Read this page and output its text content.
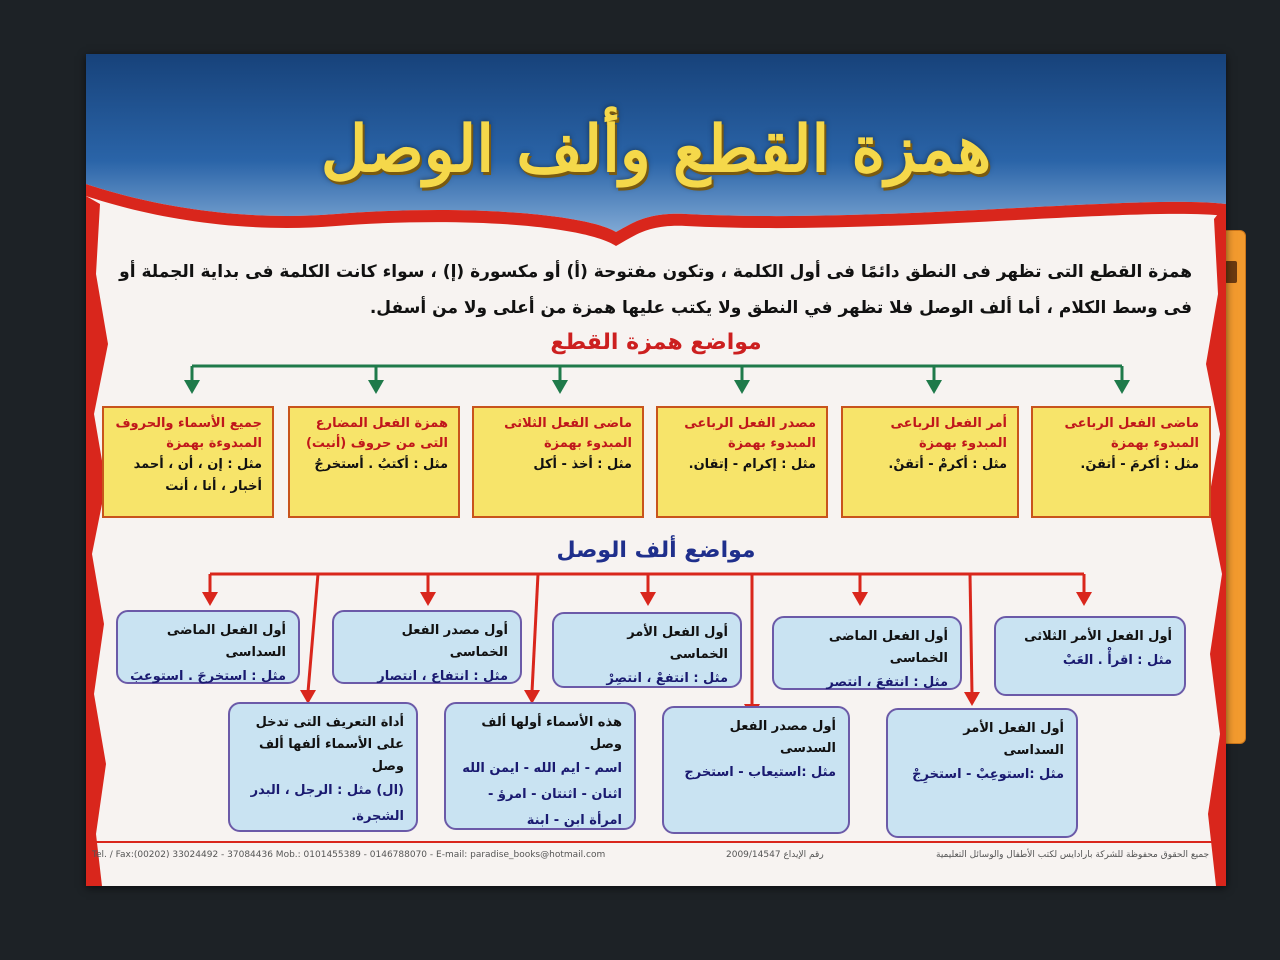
همزة القطع وألف الوصل
همزة القطع التى تظهر فى النطق دائمًا فى أول الكلمة ، وتكون مفتوحة (أ) أو مكسورة (إ) ، سواء كانت الكلمة فى بداية الجملة أو فى وسط الكلام ، أما ألف الوصل فلا تظهر في النطق ولا يكتب عليها همزة من أعلى ولا من أسفل.
مواضع همزة القطع
ماضى الفعل الرباعى المبدوء بهمزة
مثل : أكرمَ - أتقنَ.
أمر الفعل الرباعى المبدوء بهمزة
مثل : أكرمْ - أتقنْ.
مصدر الفعل الرباعى المبدوء بهمزة
مثل : إكرام - إتقان.
ماضى الفعل الثلاثى المبدوء بهمزة
مثل : أخذ - أكل
همزة الفعل المضارع التى من حروف (أنيت)
مثل : أكتبُ . أستخرجُ
جميع الأسماء والحروف المبدوءة بهمزة
مثل : إن ، أن ، أحمد أخبار ، أنا ، أنت
مواضع ألف الوصل
أول الفعل الأمر الثلاثى
مثل : اقرأْ . العَبْ
أول الفعل الماضى الخماسى
مثل : انتفعَ ، انتصر
أول الفعل الأمر الخماسى
مثل : انتفعْ ، انتصِرْ
أول مصدر الفعل الخماسى
مثل : انتفاع ، انتصار
أول الفعل الماضى السداسى
مثل : استخرجَ . استوعبَ
أول الفعل الأمر السداسى
مثل :استوعِبْ - استخرِجْ
أول مصدر الفعل السدسى
مثل :استيعاب - استخرج
هذه الأسماء أولها ألف وصل
اسم - ايم الله - ايمن الله اثنان - اثنتان - امرؤ - امرأة ابن - ابنة
أداة التعريف التى تدخل على الأسماء ألفها ألف وصل
(ال) مثل : الرجل ، البدر الشجرة.
Tel. / Fax:(00202) 33024492 - 37084436 Mob.: 0101455389 - 0146788070 - E-mail: paradise_books@hotmail.com	2009/14547 رقم الإيداع	جميع الحقوق محفوظة للشركة بارادايس لكتب الأطفال والوسائل التعليمية
